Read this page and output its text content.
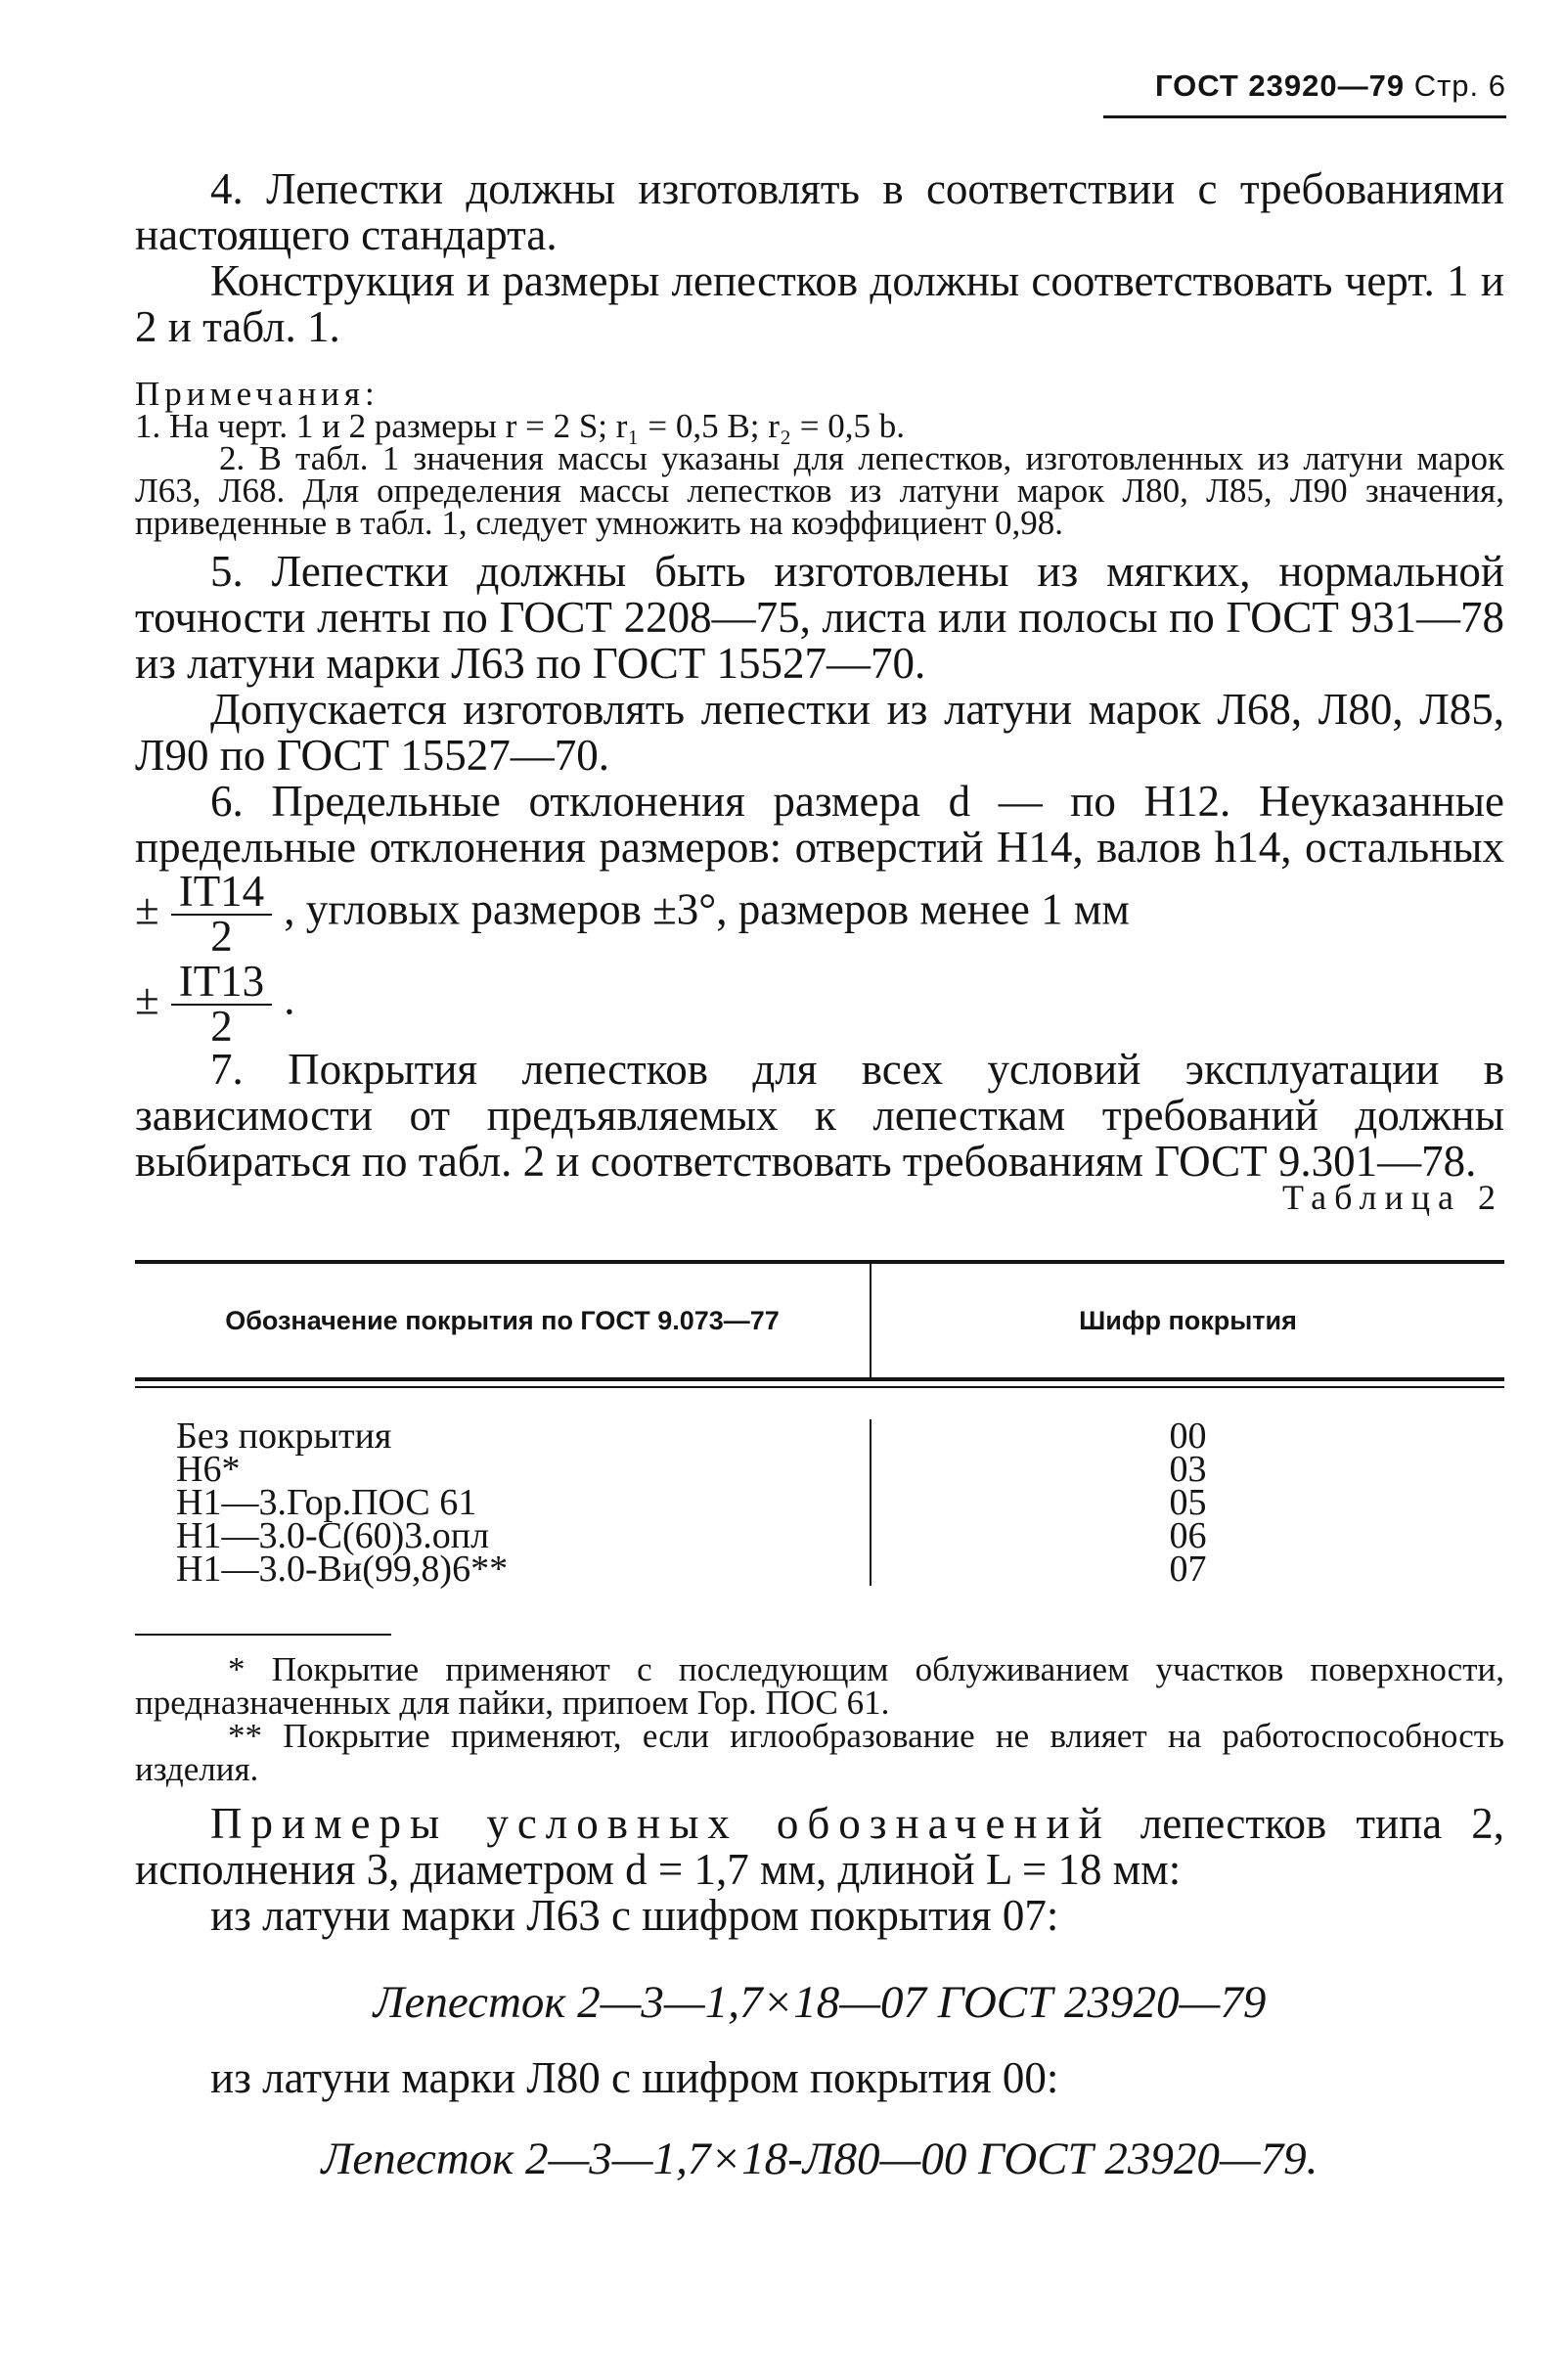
ГОСТ 23920—79 Стр. 6

4. Лепестки должны изготовлять в соответствии с требованиями настоящего стандарта.

Конструкция и размеры лепестков должны соответствовать черт. 1 и 2 и табл. 1.

Примечания:

1. На черт. 1 и 2 размеры r = 2 S; r₁ = 0,5 B; r₂ = 0,5 b.

2. В табл. 1 значения массы указаны для лепестков, изготовленных из латуни марок Л63, Л68. Для определения массы лепестков из латуни марок Л80, Л85, Л90 значения, приведенные в табл. 1, следует умножить на коэффициент 0,98.

5. Лепестки должны быть изготовлены из мягких, нормальной точности ленты по ГОСТ 2208—75, листа или полосы по ГОСТ 931—78 из латуни марки Л63 по ГОСТ 15527—70.

Допускается изготовлять лепестки из латуни марок Л68, Л80, Л85, Л90 по ГОСТ 15527—70.

6. Предельные отклонения размера d — по Н12. Неуказанные предельные отклонения размеров: отверстий Н14, валов h14, остальных ± $\frac{IT14}{2}$ , угловых размеров ±3°, размеров менее 1 мм

± $\frac{IT13}{2}$ .

7. Покрытия лепестков для всех условий эксплуатации в зависимости от предъявляемых к лепесткам требований должны выбираться по табл. 2 и соответствовать требованиям ГОСТ 9.301—78.

Таблица 2
Обозначение покрытия по ГОСТ 9.073—77	Шифр покрытия
Без покрытия
Н6*
Н1—3.Гор.ПОС 61
Н1—3.0-С(60)3.опл
Н1—3.0-Ви(99,8)6**
00
03
05
06
07

* Покрытие применяют с последующим облуживанием участков поверхности, предназначенных для пайки, припоем Гор. ПОС 61.

** Покрытие применяют, если иглообразование не влияет на работоспособность изделия.

Примеры условных обозначений лепестков типа 2, исполнения 3, диаметром d = 1,7 мм, длиной L = 18 мм:

из латуни марки Л63 с шифром покрытия 07:

Лепесток 2—3—1,7×18—07 ГОСТ 23920—79

из латуни марки Л80 с шифром покрытия 00:

Лепесток 2—3—1,7×18-Л80—00 ГОСТ 23920—79.
